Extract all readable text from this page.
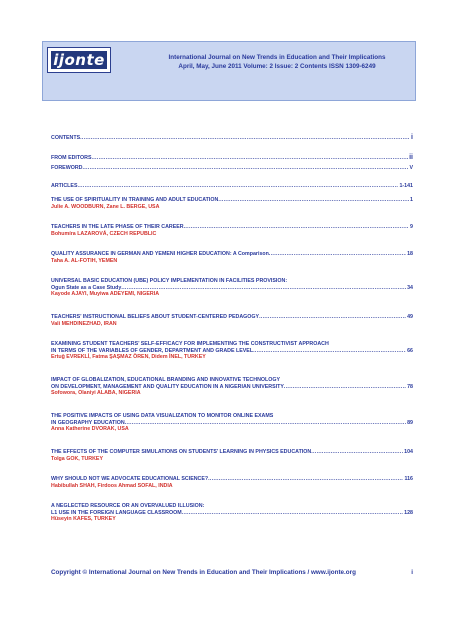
ijonte	International Journal on New Trends in Education and Their Implications
April, May, June 2011 Volume: 2 Issue: 2 Contents ISSN 1309-6249
CONTENTS .....	i
FROM EDITORS .....	ii
FOREWORD .....	V
ARTICLES .....	1-141
THE USE OF SPIRITUALITY IN TRAINING AND ADULT EDUCATION .....	1
Julie A. WOODBURN, Zane L. BERGE, USA
TEACHERS IN THE LATE PHASE OF THEIR CAREER .....	9
Bohumíra LAZAROVÁ, CZECH REPUBLIC
QUALITY ASSURANCE IN GERMAN AND YEMENI HIGHER EDUCATION: A Comparison .....	18
Taha A. AL-FOTIH, YEMEN
UNIVERSAL BASIC EDUCATION (UBE) POLICY IMPLEMENTATION IN FACILITIES PROVISION:
Ogun State as a Case Study .....	34
Kayode AJAYI, Muyiwa ADEYEMI, NIGERIA
TEACHERS’ INSTRUCTIONAL BELIEFS ABOUT STUDENT-CENTERED PEDAGOGY .....	49
Vali MEHDINEZHAD, IRAN
EXAMINING STUDENT TEACHERS’ SELF-EFFICACY FOR IMPLEMENTING THE CONSTRUCTIVIST APPROACH
IN TERMS OF THE VARIABLES OF GENDER, DEPARTMENT AND GRADE LEVEL .....	66
Ertuğ EVREKLİ, Fatma ŞAŞMAZ ÖREN, Didem İNEL, TURKEY
IMPACT OF GLOBALIZATION, EDUCATIONAL BRANDING AND INNOVATIVE TECHNOLOGY
ON DEVELOPMENT, MANAGEMENT AND QUALITY EDUCATION IN A NIGERIAN UNIVERSITY .....	78
Sofowora, Olaniyi ALABA, NIGERIA
THE POSITIVE IMPACTS OF USING DATA VISUALIZATION TO MONITOR ONLINE EXAMS
IN GEOGRAPHY EDUCATION .....	89
Anna Katherine DVORAK, USA
THE EFFECTS OF THE COMPUTER SIMULATIONS ON STUDENTS’ LEARNING IN PHYSICS EDUCATION .....	104
Tolga GOK, TURKEY
WHY SHOULD NOT WE ADVOCATE EDUCATIONAL SCIENCE? .....	116
Habibullah SHAH, Firdoos Ahmad SOFAL, INDIA
A NEGLECTED RESOURCE OR AN OVERVALUED ILLUSION:
L1 USE IN THE FOREIGN LANGUAGE CLASSROOM .....	128
Hüseyin KAFES, TURKEY
Copyright © International Journal on New Trends in Education and Their Implications / www.ijonte.org	i
